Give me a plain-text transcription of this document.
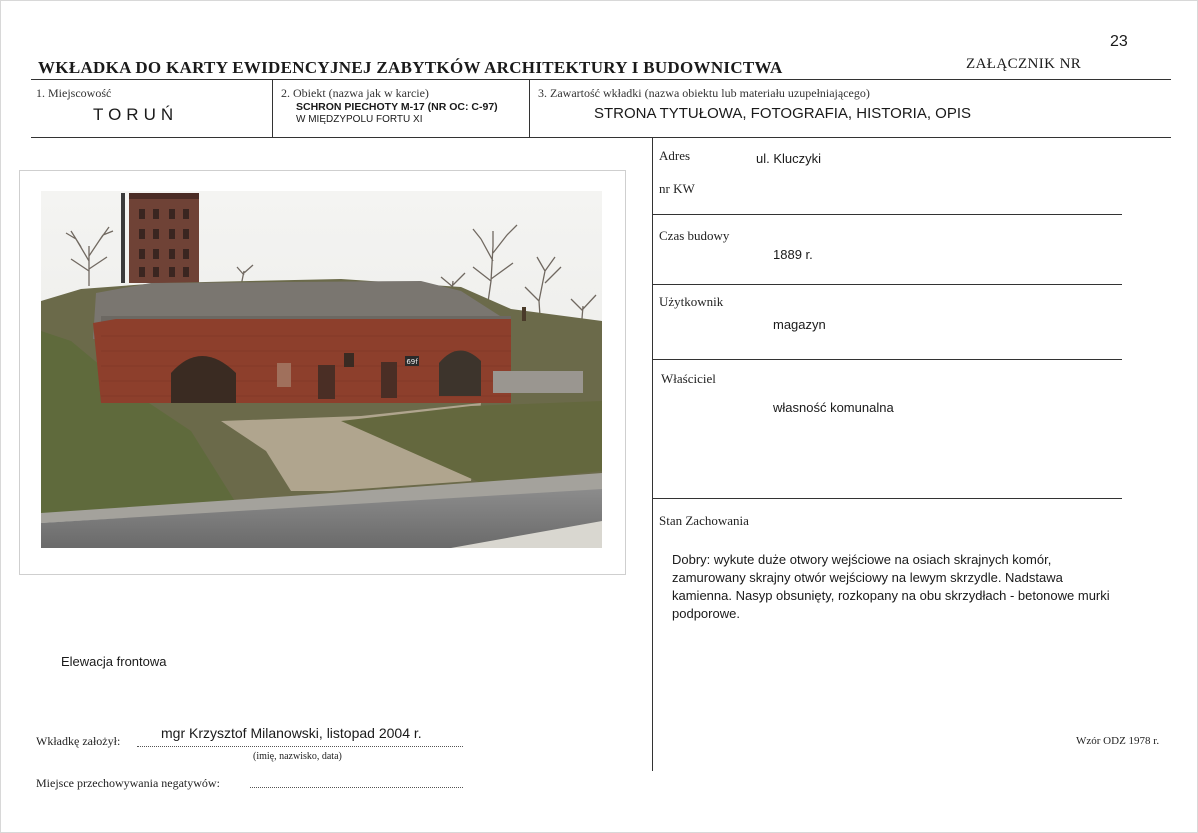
23
WKŁADKA DO KARTY EWIDENCYJNEJ ZABYTKÓW ARCHITEKTURY I BUDOWNICTWA	ZAŁĄCZNIK NR
1. Miejscowość
TORUŃ
2. Obiekt (nazwa jak w karcie)
SCHRON PIECHOTY M-17 (NR OC: C-97)
W MIĘDZYPOLU FORTU XI
3. Zawartość wkładki (nazwa obiektu lub materiału uzupełniającego)
STRONA TYTUŁOWA, FOTOGRAFIA, HISTORIA, OPIS
69f
Elewacja frontowa
Adres	ul. Kluczyki
nr KW
Czas budowy
1889 r.
Użytkownik
magazyn
Właściciel
własność komunalna
Stan Zachowania
Dobry: wykute duże otwory wejściowe na osiach skrajnych komór, zamurowany skrajny otwór wejściowy na lewym skrzydle. Nadstawa kamienna. Nasyp obsunięty, rozkopany na obu skrzydłach - betonowe murki podporowe.
Wkładkę założył:	mgr Krzysztof Milanowski, listopad 2004 r.
(imię, nazwisko, data)
Miejsce przechowywania negatywów:
Wzór ODZ 1978 r.
